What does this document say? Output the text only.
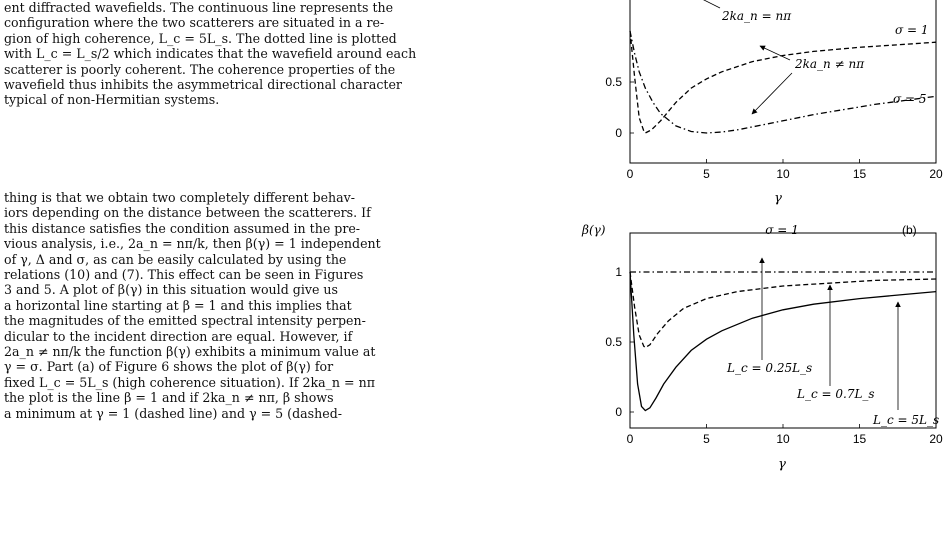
ent diffracted wavefields. The continuous line represents the

configuration where the two scatterers are situated in a re-

gion of high coherence, L_c = 5L_s. The dotted line is plotted

with L_c = L_s/2 which indicates that the wavefield around each

scatterer is poorly coherent. The coherence properties of the

wavefield thus inhibits the asymmetrical directional character

typical of non-Hermitian systems.

thing is that we obtain two completely different behav-

iors depending on the distance between the scatterers. If

this distance satisfies the condition assumed in the pre-

vious analysis, i.e., 2a_n = nπ/k, then β(γ) = 1 independent

of γ, Δ and σ, as can be easily calculated by using the

relations (10) and (7). This effect can be seen in Figures

3 and 5. A plot of β(γ) in this situation would give us

a horizontal line starting at β = 1 and this implies that

the magnitudes of the emitted spectral intensity perpen-

dicular to the incident direction are equal. However, if

2a_n ≠ nπ/k the function β(γ) exhibits a minimum value at

γ = σ. Part (a) of Figure 6 shows the plot of β(γ) for

fixed L_c = 5L_s (high coherence situation). If 2ka_n = nπ

the plot is the line β = 1 and if 2ka_n ≠ nπ, β shows

a minimum at γ = 1 (dashed line) and γ = 5 (dashed-

0	5	10	15	20
0
0.5
2ka_n = nπ
2ka_n ≠ nπ
σ = 1
σ = 5
γ
0	5	10	15	20
0
0.5
1
β(γ)	σ = 1	(b)
L_c = 0.25L_s
L_c = 0.7L_s
L_c = 5L_s
γ
